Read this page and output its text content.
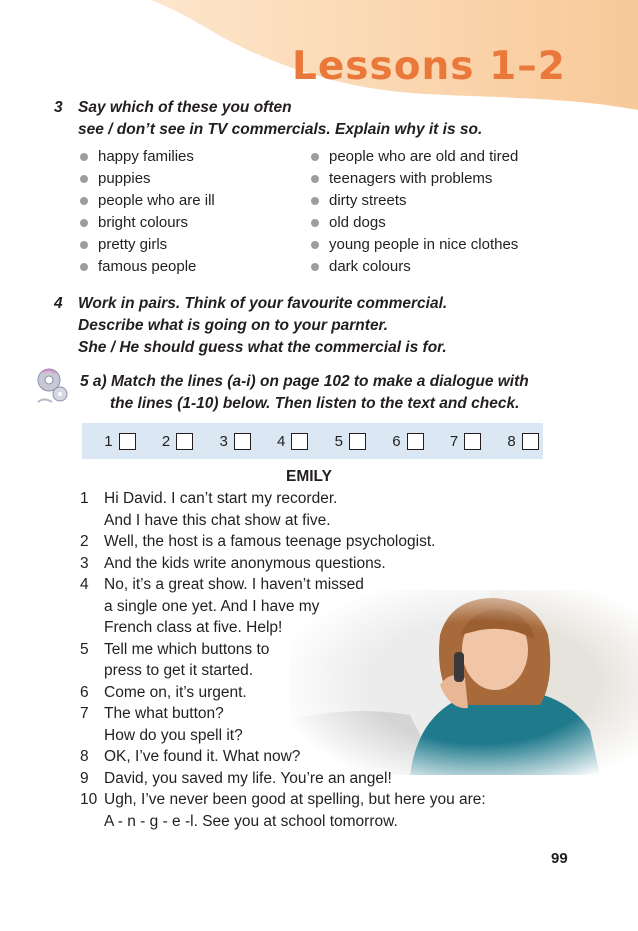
Lessons 1–2
3 Say which of these you often
see / don’t see in TV commercials. Explain why it is so.
happy families
puppies
people who are ill
bright colours
pretty girls
famous people
people who are old and tired
teenagers with problems
dirty streets
old dogs
young people in nice clothes
dark colours
4 Work in pairs. Think of your favourite commercial.
Describe what is going on to your parnter.
She / He should guess what the commercial is for.
5 a) Match the lines (a-i) on page 102 to make a dialogue with
the lines (1-10) below. Then listen to the text and check.
1	2	3	4	5	6	7	8
EMILY
1 Hi David. I can’t start my recorder.
And I have this chat show at five.
2 Well, the host is a famous teenage psychologist.
3 And the kids write anonymous questions.
4 No, it’s a great show. I haven’t missed
a single one yet. And I have my
French class at five. Help!
5 Tell me which buttons to
press to get it started.
6 Come on, it’s urgent.
7 The what button?
How do you spell it?
8 OK, I’ve found it. What now?
9 David, you saved my life. You’re an angel!
10 Ugh, I’ve never been good at spelling, but here you are:
A - n - g - e -l. See you at school tomorrow.
99
